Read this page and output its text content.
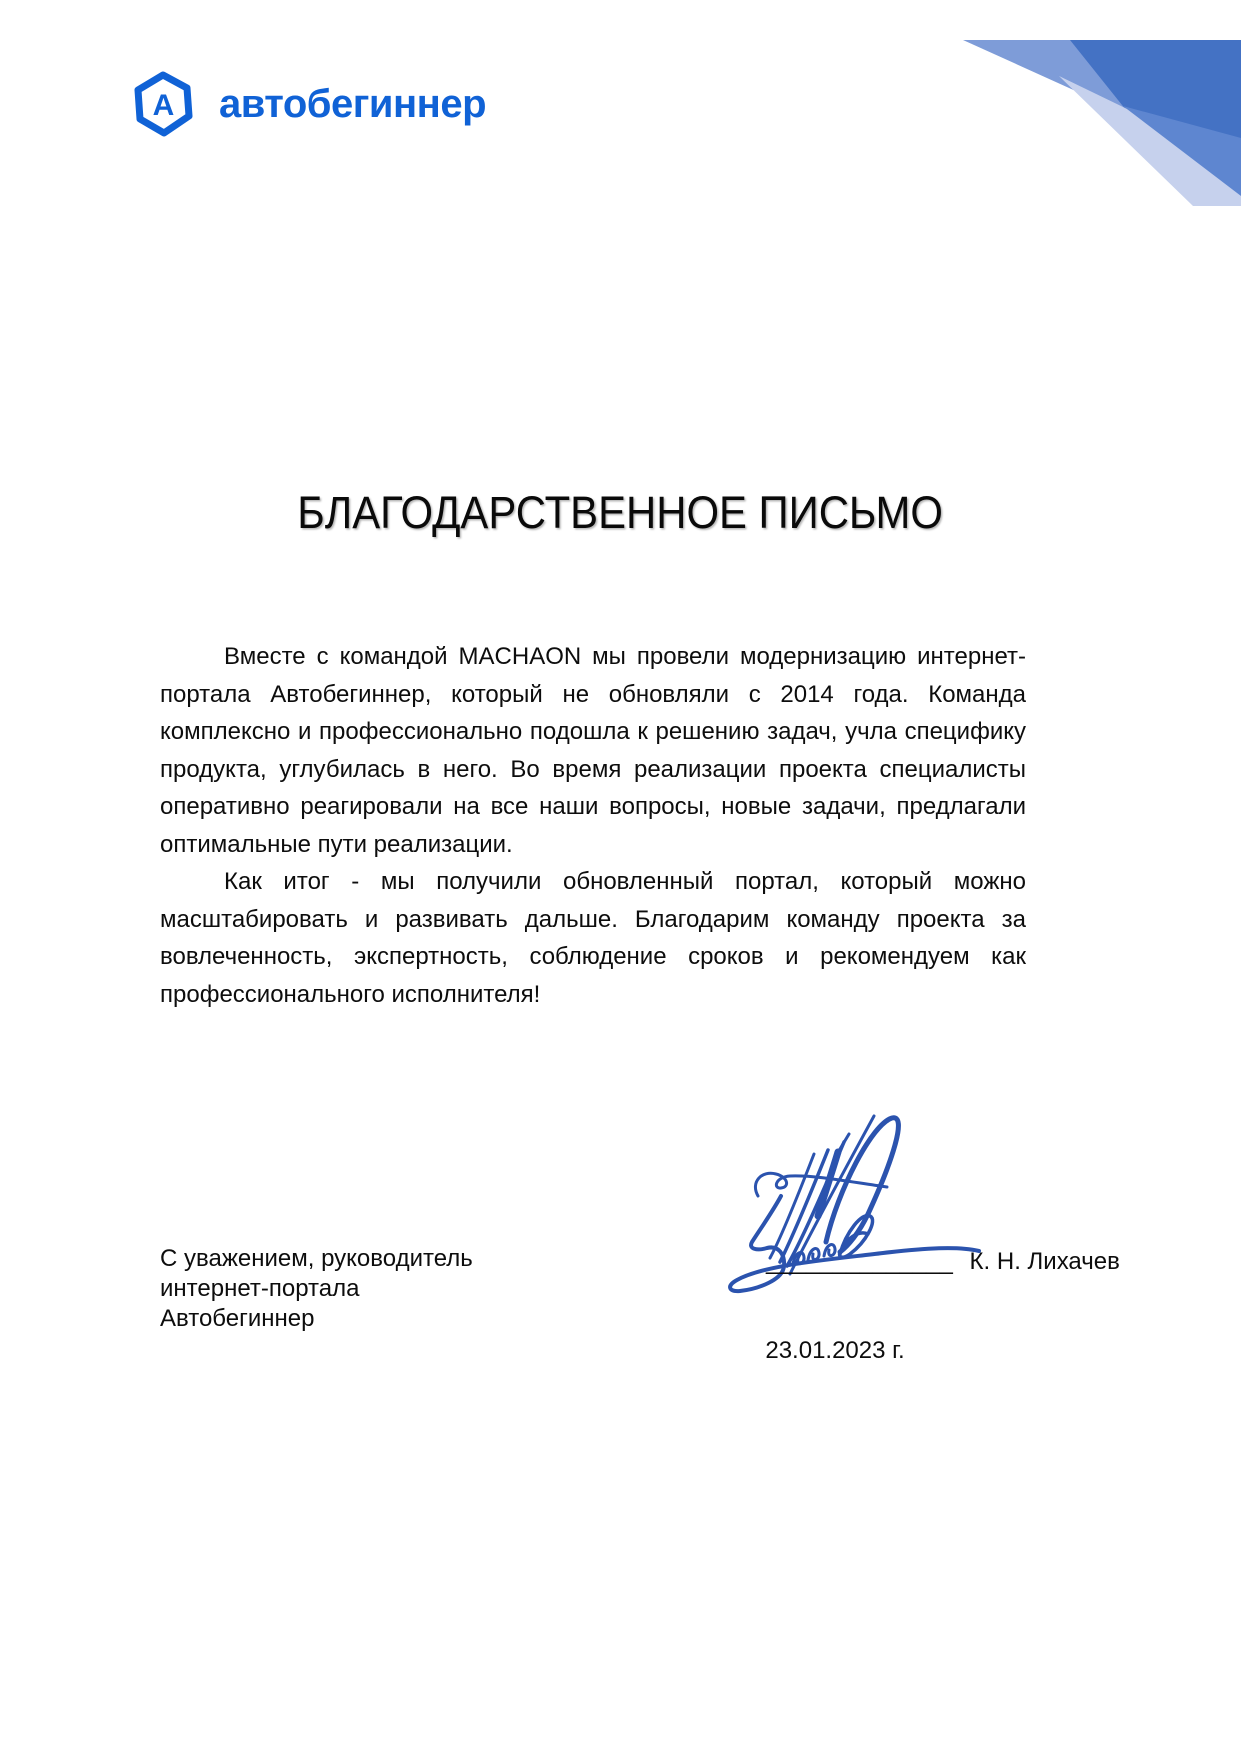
А автобегиннер
БЛАГОДАРСТВЕННОЕ ПИСЬМО

Вместе с командой MACHAON мы провели модернизацию интернет-портала Автобегиннер, который не обновляли с 2014 года. Команда комплексно и профессионально подошла к решению задач, учла специфику продукта, углубилась в него. Во время реализации проекта специалисты оперативно реагировали на все наши вопросы, новые задачи, предлагали оптимальные пути реализации.

Как итог - мы получили обновленный портал, который можно масштабировать и развивать дальше. Благодарим команду проекта за вовлеченность, экспертность, соблюдение сроков и рекомендуем как профессионального исполнителя!

С уважением, руководитель
интернет-портала
Автобегиннер
______________ К. Н. Лихачев
23.01.2023 г.
